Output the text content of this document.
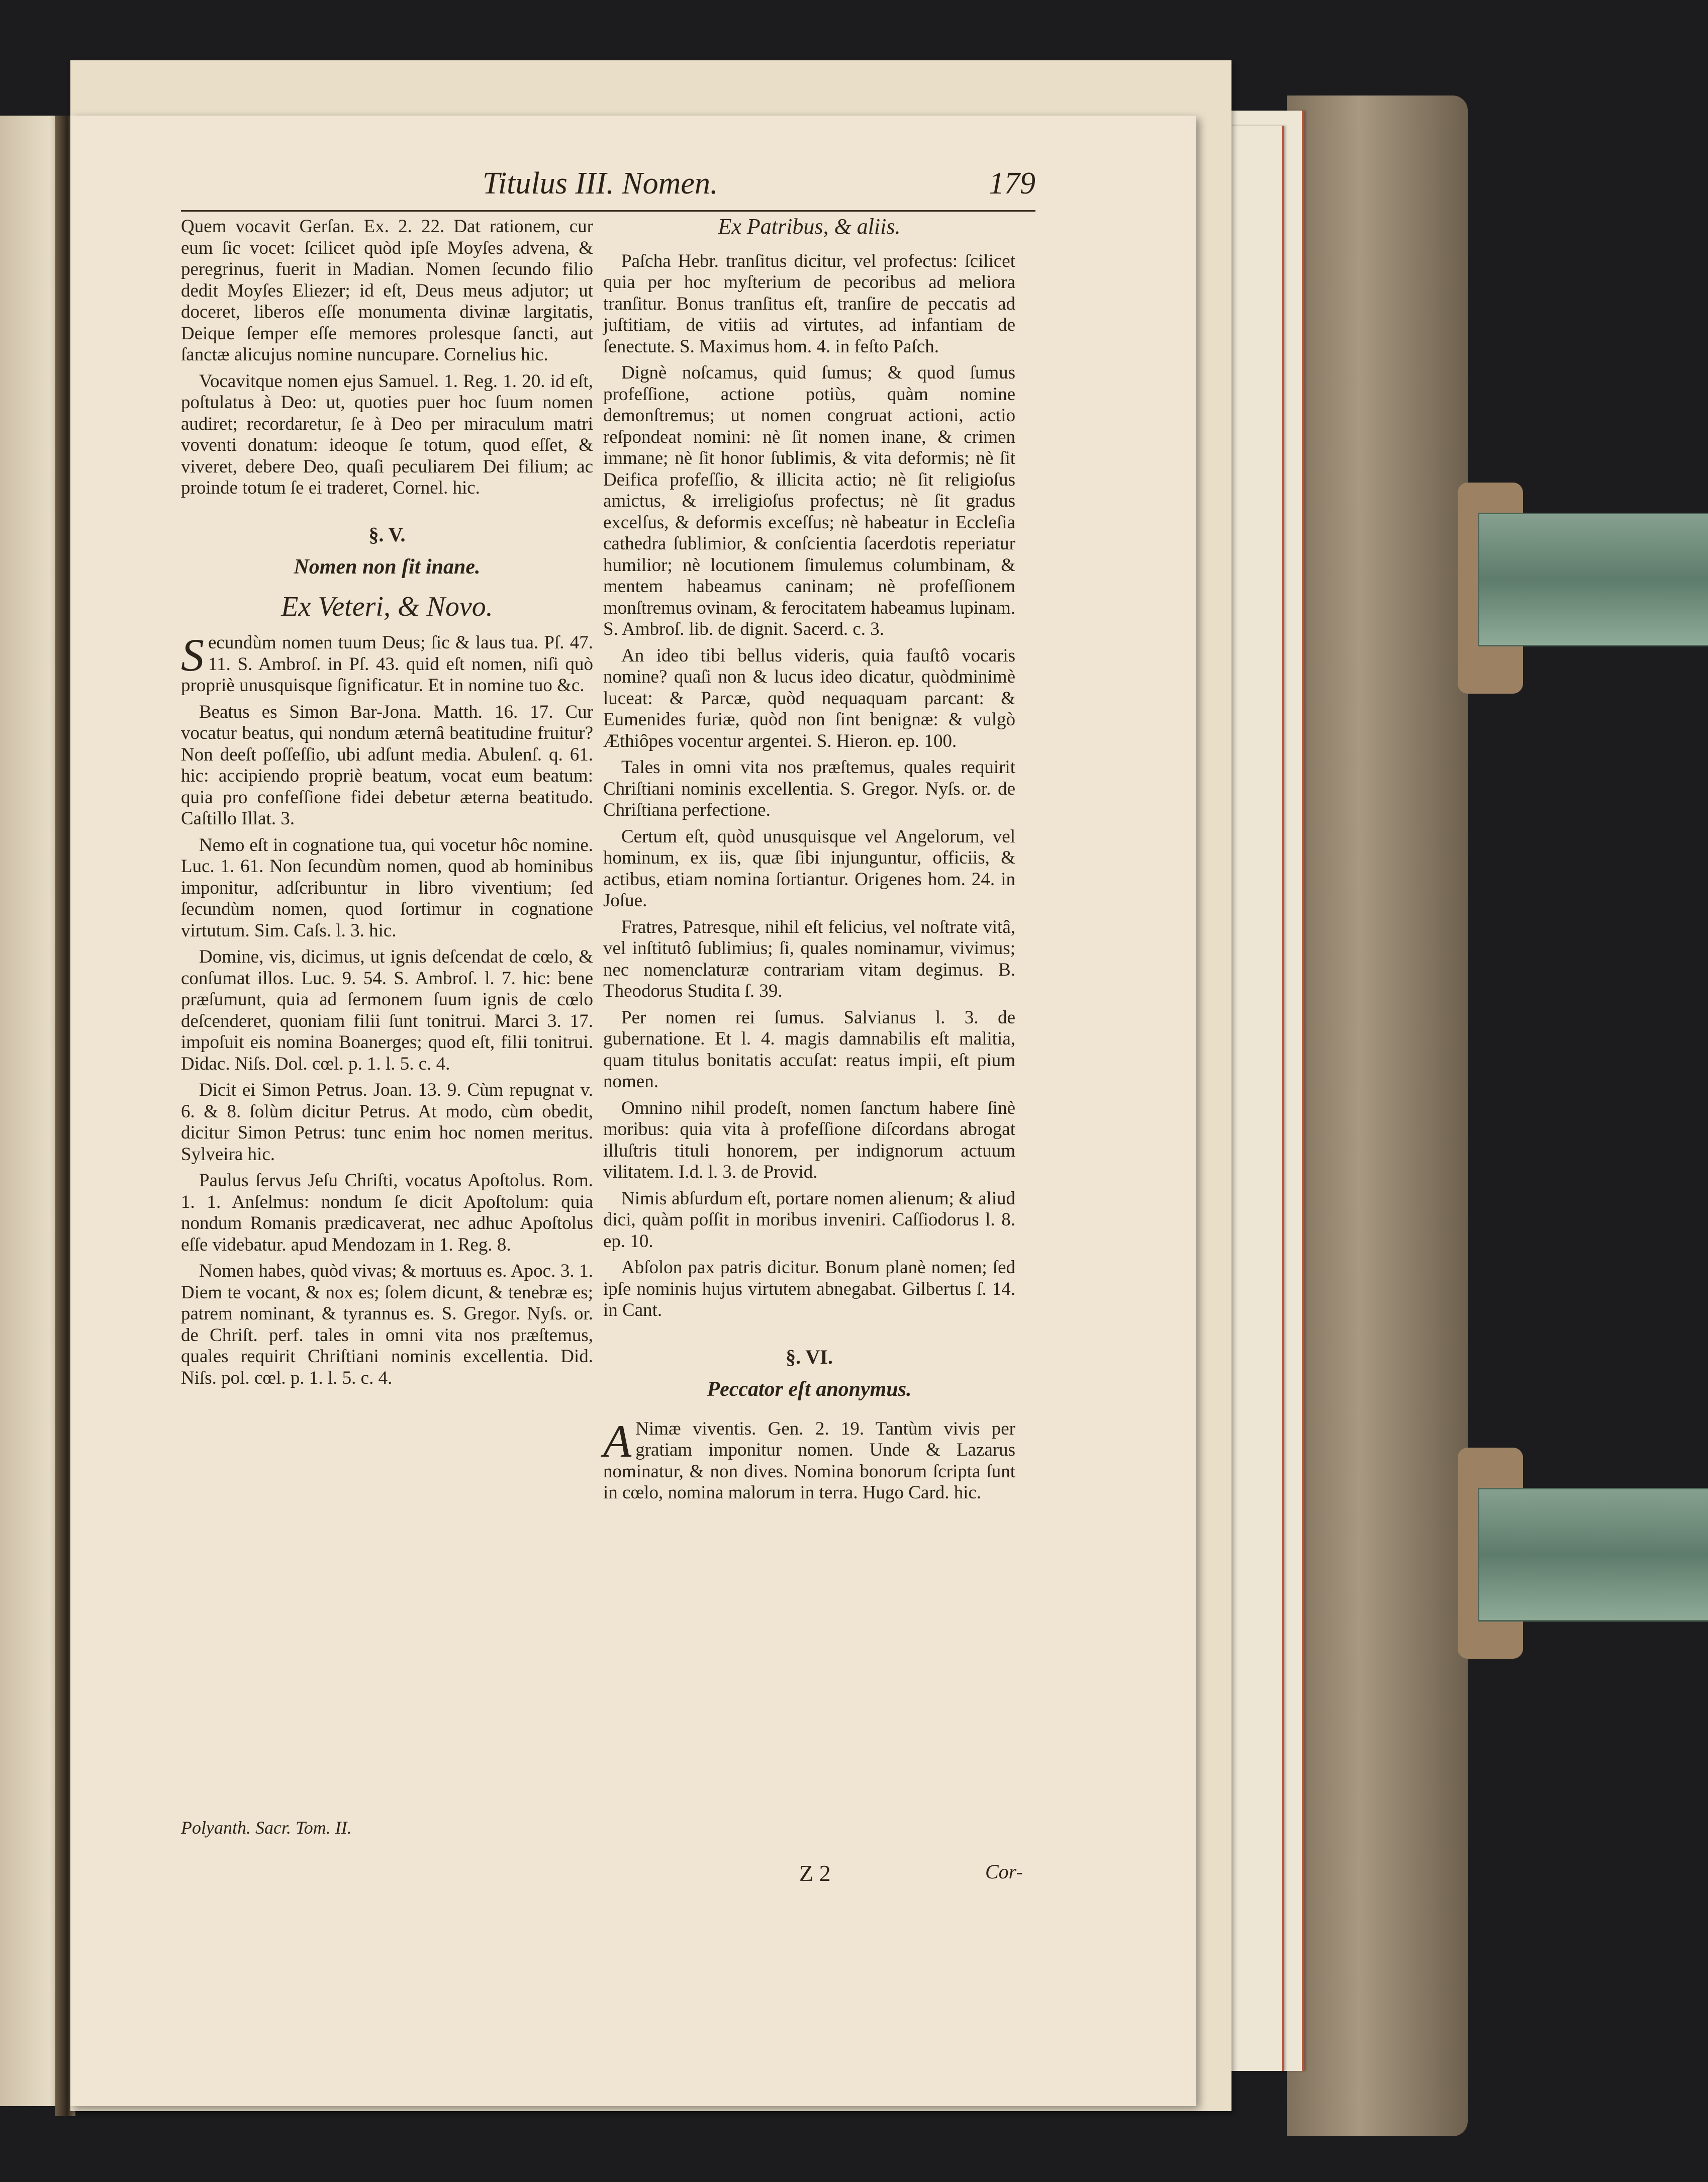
Titulus III. Nomen.	179

Quem vocavit Gerſan. Ex. 2. 22. Dat rationem, cur eum ſic vocet: ſcilicet quòd ipſe Moyſes advena, & peregrinus, fuerit in Madian. Nomen ſecundo filio dedit Moyſes Eliezer; id eſt, Deus meus adjutor; ut doceret, liberos eſſe monumenta divinæ largitatis, Deique ſemper eſſe memores prolesque ſancti, aut ſanctæ alicujus nomine nuncupare. Cornelius hic.

Vocavitque nomen ejus Samuel. 1. Reg. 1. 20. id eſt, poſtulatus à Deo: ut, quoties puer hoc ſuum nomen audiret; recordaretur, ſe à Deo per miraculum matri voventi donatum: ideoque ſe totum, quod eſſet, & viveret, debere Deo, quaſi peculiarem Dei filium; ac proinde totum ſe ei traderet, Cornel. hic.

§. V.
Nomen non ſit inane.
Ex Veteri, & Novo.

Secundùm nomen tuum Deus; ſic & laus tua. Pſ. 47. 11. S. Ambroſ. in Pſ. 43. quid eſt nomen, niſi quò propriè unusquisque ſignificatur. Et in nomine tuo &c.

Beatus es Simon Bar-Jona. Matth. 16. 17. Cur vocatur beatus, qui nondum æternâ beatitudine fruitur? Non deeſt poſſeſſio, ubi adſunt media. Abulenſ. q. 61. hic: accipiendo propriè beatum, vocat eum beatum: quia pro confeſſione fidei debetur æterna beatitudo. Caſtillo Illat. 3.

Nemo eſt in cognatione tua, qui vocetur hôc nomine. Luc. 1. 61. Non ſecundùm nomen, quod ab hominibus imponitur, adſcribuntur in libro viventium; ſed ſecundùm nomen, quod ſortimur in cognatione virtutum. Sim. Caſs. l. 3. hic.

Domine, vis, dicimus, ut ignis deſcendat de cœlo, & conſumat illos. Luc. 9. 54. S. Ambroſ. l. 7. hic: bene præſumunt, quia ad ſermonem ſuum ignis de cœlo deſcenderet, quoniam filii ſunt tonitrui. Marci 3. 17. impoſuit eis nomina Boanerges; quod eſt, filii tonitrui. Didac. Niſs. Dol. cœl. p. 1. l. 5. c. 4.

Dicit ei Simon Petrus. Joan. 13. 9. Cùm repugnat v. 6. & 8. ſolùm dicitur Petrus. At modo, cùm obedit, dicitur Simon Petrus: tunc enim hoc nomen meritus. Sylveira hic.

Paulus ſervus Jeſu Chriſti, vocatus Apoſtolus. Rom. 1. 1. Anſelmus: nondum ſe dicit Apoſtolum: quia nondum Romanis prædicaverat, nec adhuc Apoſtolus eſſe videbatur. apud Mendozam in 1. Reg. 8.

Nomen habes, quòd vivas; & mortuus es. Apoc. 3. 1. Diem te vocant, & nox es; ſolem dicunt, & tenebræ es; patrem nominant, & tyrannus es. S. Gregor. Nyſs. or. de Chriſt. perf. tales in omni vita nos præſtemus, quales requirit Chriſtiani nominis excellentia. Did. Niſs. pol. cœl. p. 1. l. 5. c. 4.

Ex Patribus, & aliis.

Paſcha Hebr. tranſitus dicitur, vel profectus: ſcilicet quia per hoc myſterium de pecoribus ad meliora tranſitur. Bonus tranſitus eſt, tranſire de peccatis ad juſtitiam, de vitiis ad virtutes, ad infantiam de ſenectute. S. Maximus hom. 4. in feſto Paſch.

Dignè noſcamus, quid ſumus; & quod ſumus profeſſione, actione potiùs, quàm nomine demonſtremus; ut nomen congruat actioni, actio reſpondeat nomini: nè ſit nomen inane, & crimen immane; nè ſit honor ſublimis, & vita deformis; nè ſit Deifica profeſſio, & illicita actio; nè ſit religioſus amictus, & irreligioſus profectus; nè ſit gradus excelſus, & deformis exceſſus; nè habeatur in Eccleſia cathedra ſublimior, & conſcientia ſacerdotis reperiatur humilior; nè locutionem ſimulemus columbinam, & mentem habeamus caninam; nè profeſſionem monſtremus ovinam, & ferocitatem habeamus lupinam. S. Ambroſ. lib. de dignit. Sacerd. c. 3.

An ideo tibi bellus videris, quia fauſtô vocaris nomine? quaſi non & lucus ideo dicatur, quòdminimè luceat: & Parcæ, quòd nequaquam parcant: & Eumenides furiæ, quòd non ſint benignæ: & vulgò Æthiôpes vocentur argentei. S. Hieron. ep. 100.

Tales in omni vita nos præſtemus, quales requirit Chriſtiani nominis excellentia. S. Gregor. Nyſs. or. de Chriſtiana perfectione.

Certum eſt, quòd unusquisque vel Angelorum, vel hominum, ex iis, quæ ſibi injunguntur, officiis, & actibus, etiam nomina ſortiantur. Origenes hom. 24. in Joſue.

Fratres, Patresque, nihil eſt felicius, vel noſtrate vitâ, vel inſtitutô ſublimius; ſi, quales nominamur, vivimus; nec nomenclaturæ contrariam vitam degimus. B. Theodorus Studita ſ. 39.

Per nomen rei ſumus. Salvianus l. 3. de gubernatione. Et l. 4. magis damnabilis eſt malitia, quam titulus bonitatis accuſat: reatus impii, eſt pium nomen.

Omnino nihil prodeſt, nomen ſanctum habere ſinè moribus: quia vita à profeſſione diſcordans abrogat illuſtris tituli honorem, per indignorum actuum vilitatem. I.d. l. 3. de Provid.

Nimis abſurdum eſt, portare nomen alienum; & aliud dici, quàm poſſit in moribus inveniri. Caſſiodorus l. 8. ep. 10.

Abſolon pax patris dicitur. Bonum planè nomen; ſed ipſe nominis hujus virtutem abnegabat. Gilbertus ſ. 14. in Cant.

§. VI.
Peccator eſt anonymus.

A Nimæ viventis. Gen. 2. 19. Tantùm vivis per gratiam imponitur nomen. Unde & Lazarus nominatur, & non dives. Nomina bonorum ſcripta ſunt in cœlo, nomina malorum in terra. Hugo Card. hic.

Polyanth. Sacr. Tom. II.
Z 2	Cor-
